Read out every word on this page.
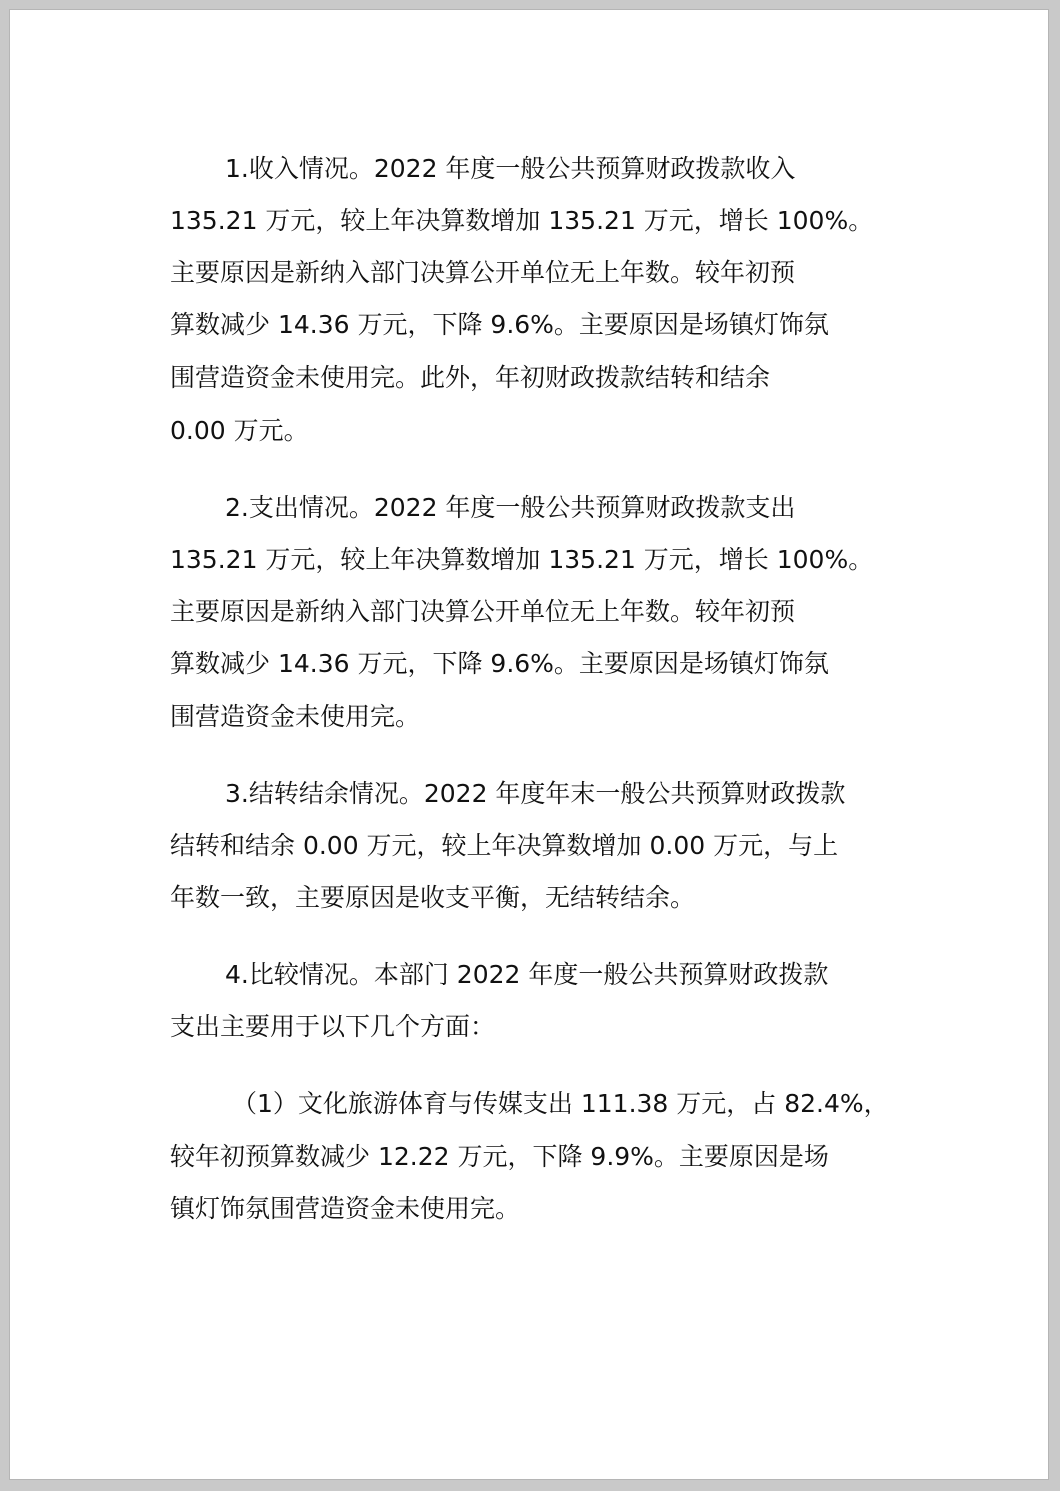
1.收入情况。2022 年度一般公共预算财政拨款收入

135.21 万元，较上年决算数增加 135.21 万元，增长 100%。

主要原因是新纳入部门决算公开单位无上年数。较年初预

算数减少 14.36 万元，下降 9.6%。主要原因是场镇灯饰氛

围营造资金未使用完。此外，年初财政拨款结转和结余

0.00 万元。

2.支出情况。2022 年度一般公共预算财政拨款支出

135.21 万元，较上年决算数增加 135.21 万元，增长 100%。

主要原因是新纳入部门决算公开单位无上年数。较年初预

算数减少 14.36 万元，下降 9.6%。主要原因是场镇灯饰氛

围营造资金未使用完。

3.结转结余情况。2022 年度年末一般公共预算财政拨款

结转和结余 0.00 万元，较上年决算数增加 0.00 万元，与上

年数一致，主要原因是收支平衡，无结转结余。

4.比较情况。本部门 2022 年度一般公共预算财政拨款

支出主要用于以下几个方面：

（1）文化旅游体育与传媒支出 111.38 万元，占 82.4%，

较年初预算数减少 12.22 万元，下降 9.9%。主要原因是场

镇灯饰氛围营造资金未使用完。
